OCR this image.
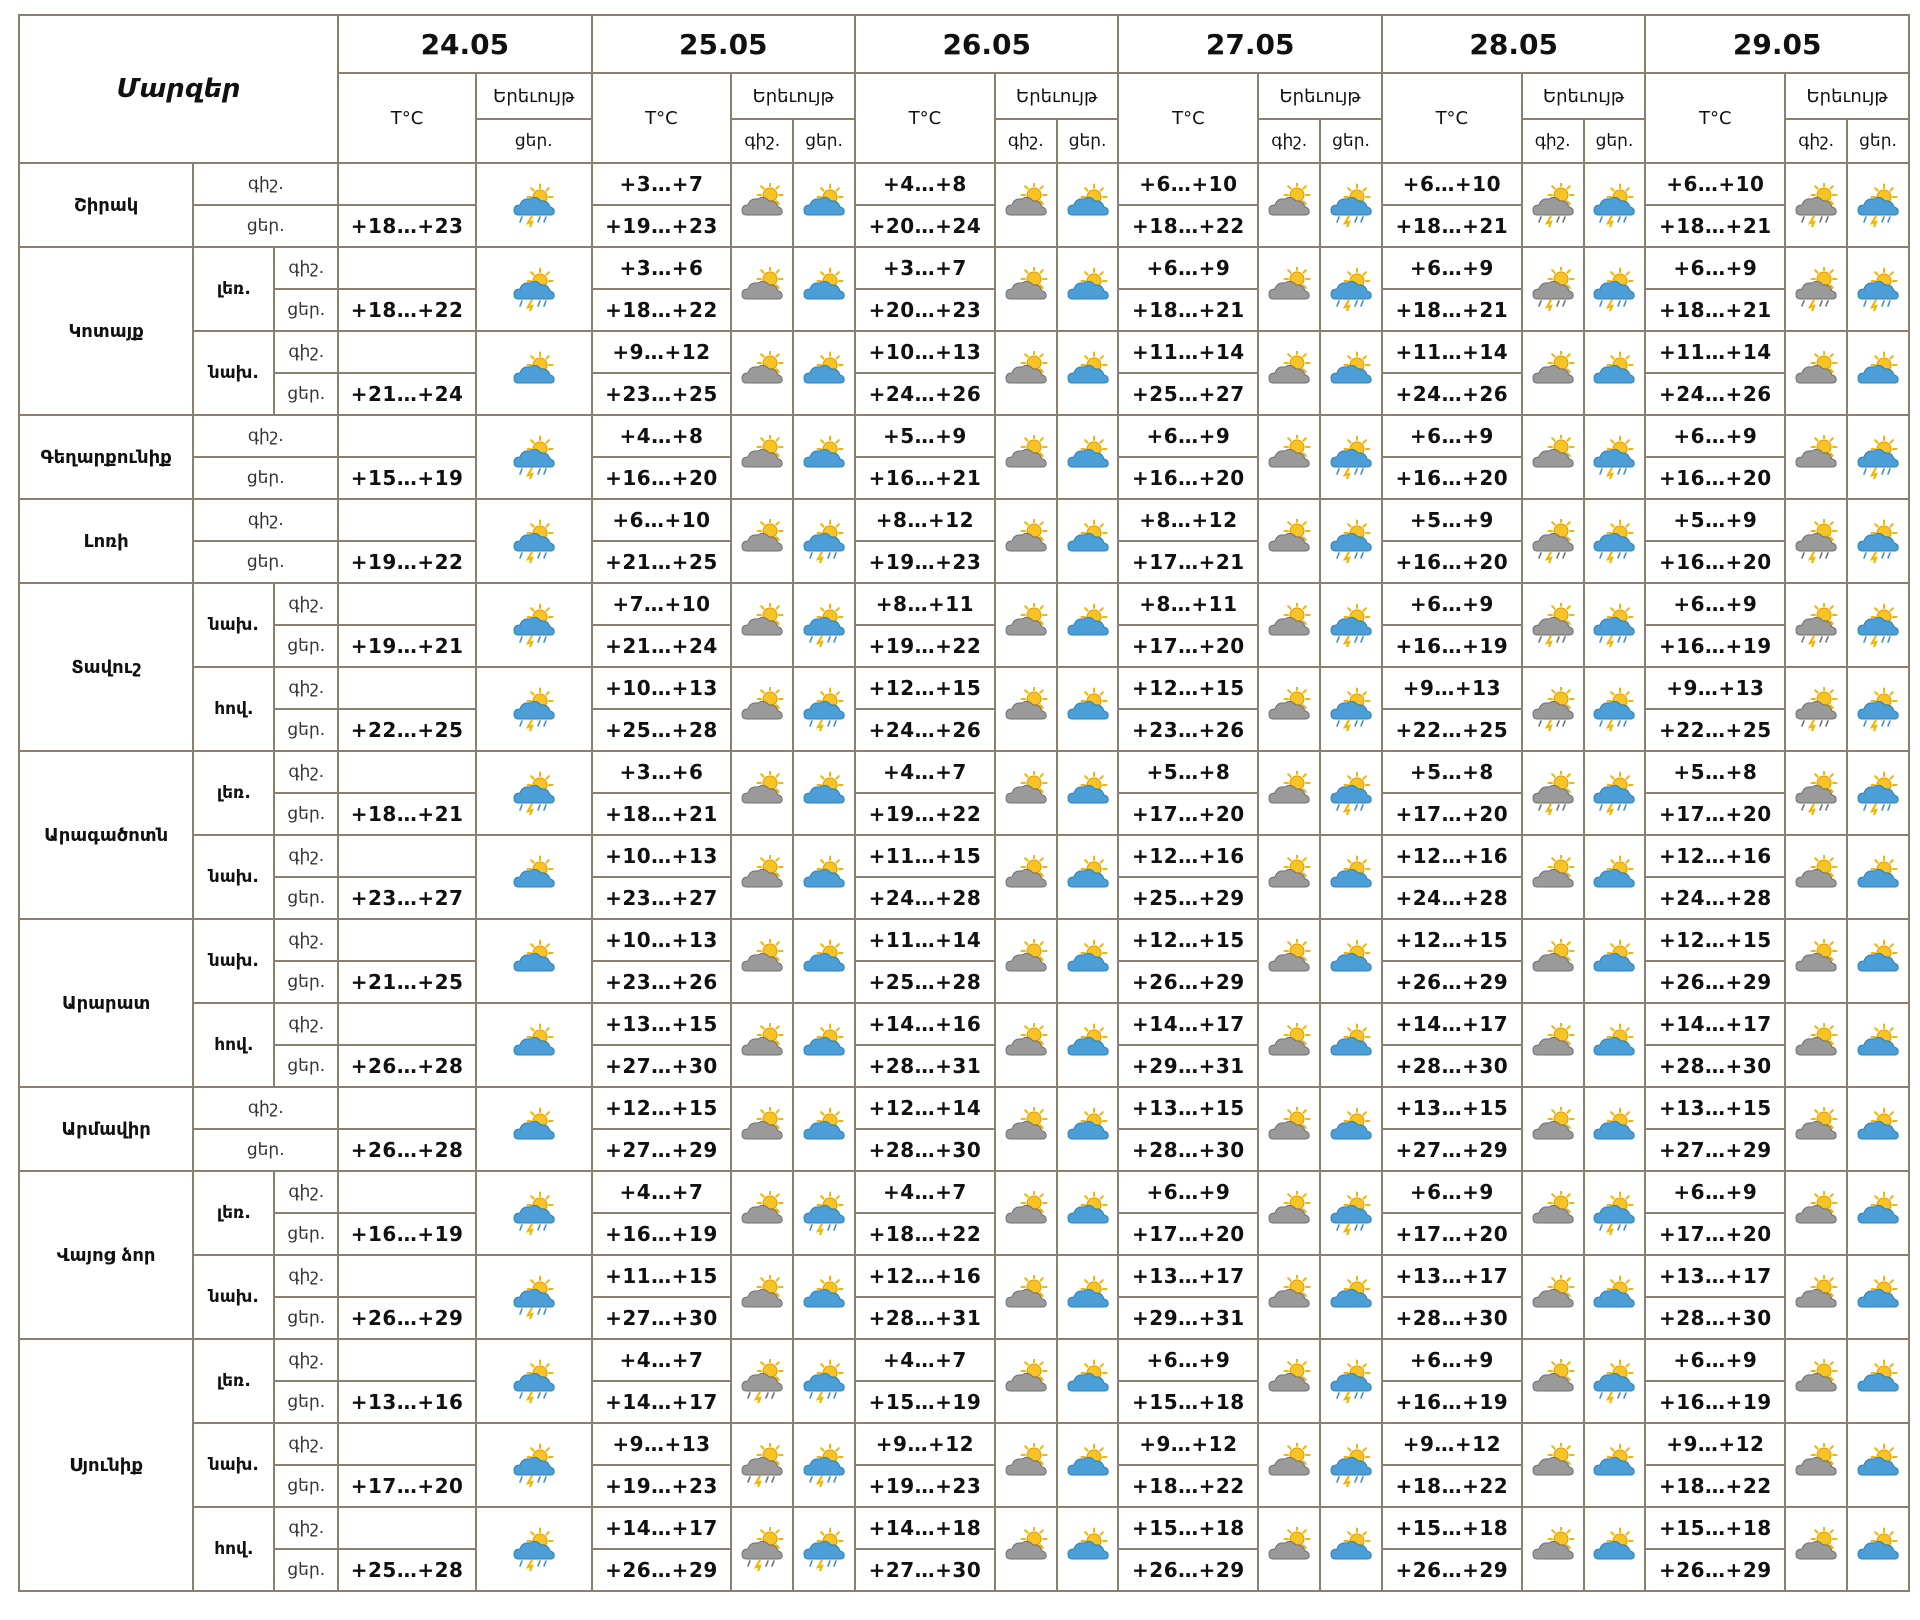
Մարզեր			24.05		25.05			26.05			27.05			28.05			29.05		
			T°C	Երեւույթ	T°C	Երեւույթ		T°C	Երեւույթ		T°C	Երեւույթ		T°C	Երեւույթ		T°C	Երեւույթ	
				ցեր.		գիշ.	ցեր.		գիշ.	ցեր.		գիշ.	ցեր.		գիշ.	ցեր.		գիշ.	ցեր.
Շիրակ	գիշ.				+3…+7			+4…+8			+6…+10			+6…+10			+6…+10	

	ցեր.		+18…+23		+19…+23			+20…+24			+18…+22			+18…+21			+18…+21		
Կոտայք	լեռ.	գիշ.			+3…+6			+3…+7			+6…+9			+6…+9			+6…+9	

		ցեր.	+18…+22		+18…+22			+20…+23			+18…+21			+18…+21			+18…+21		
	նախ.	գիշ.			+9…+12			+10…+13			+11…+14			+11…+14			+11…+14	

		ցեր.	+21…+24		+23…+25			+24…+26			+25…+27			+24…+26			+24…+26		
Գեղարքունիք	գիշ.				+4…+8			+5…+9			+6…+9			+6…+9			+6…+9	

	ցեր.		+15…+19		+16…+20			+16…+21			+16…+20			+16…+20			+16…+20		
Լոռի	գիշ.				+6…+10			+8…+12			+8…+12			+5…+9			+5…+9	

	ցեր.		+19…+22		+21…+25			+19…+23			+17…+21			+16…+20			+16…+20		
Տավուշ	նախ.	գիշ.			+7…+10			+8…+11			+8…+11			+6…+9			+6…+9	

		ցեր.	+19…+21		+21…+24			+19…+22			+17…+20			+16…+19			+16…+19		
	հով.	գիշ.			+10…+13			+12…+15			+12…+15			+9…+13			+9…+13	

		ցեր.	+22…+25		+25…+28			+24…+26			+23…+26			+22…+25			+22…+25		
Արագածոտն	լեռ.	գիշ.			+3…+6			+4…+7			+5…+8			+5…+8			+5…+8	

		ցեր.	+18…+21		+18…+21			+19…+22			+17…+20			+17…+20			+17…+20		
	նախ.	գիշ.			+10…+13			+11…+15			+12…+16			+12…+16			+12…+16	

		ցեր.	+23…+27		+23…+27			+24…+28			+25…+29			+24…+28			+24…+28		
Արարատ	նախ.	գիշ.			+10…+13			+11…+14			+12…+15			+12…+15			+12…+15	

		ցեր.	+21…+25		+23…+26			+25…+28			+26…+29			+26…+29			+26…+29		
	հով.	գիշ.			+13…+15			+14…+16			+14…+17			+14…+17			+14…+17	

		ցեր.	+26…+28		+27…+30			+28…+31			+29…+31			+28…+30			+28…+30		
Արմավիր	գիշ.				+12…+15			+12…+14			+13…+15			+13…+15			+13…+15	

	ցեր.		+26…+28		+27…+29			+28…+30			+28…+30			+27…+29			+27…+29		
Վայոց ձոր	լեռ.	գիշ.			+4…+7			+4…+7			+6…+9			+6…+9			+6…+9	

		ցեր.	+16…+19		+16…+19			+18…+22			+17…+20			+17…+20			+17…+20		
	նախ.	գիշ.			+11…+15			+12…+16			+13…+17			+13…+17			+13…+17	

		ցեր.	+26…+29		+27…+30			+28…+31			+29…+31			+28…+30			+28…+30		
Սյունիք	լեռ.	գիշ.			+4…+7			+4…+7			+6…+9			+6…+9			+6…+9	

		ցեր.	+13…+16		+14…+17			+15…+19			+15…+18			+16…+19			+16…+19		
	նախ.	գիշ.			+9…+13			+9…+12			+9…+12			+9…+12			+9…+12	

		ցեր.	+17…+20		+19…+23			+19…+23			+18…+22			+18…+22			+18…+22		
	հով.	գիշ.			+14…+17			+14…+18			+15…+18			+15…+18			+15…+18	

		ցեր.	+25…+28		+26…+29			+27…+30			+26…+29			+26…+29			+26…+29		
